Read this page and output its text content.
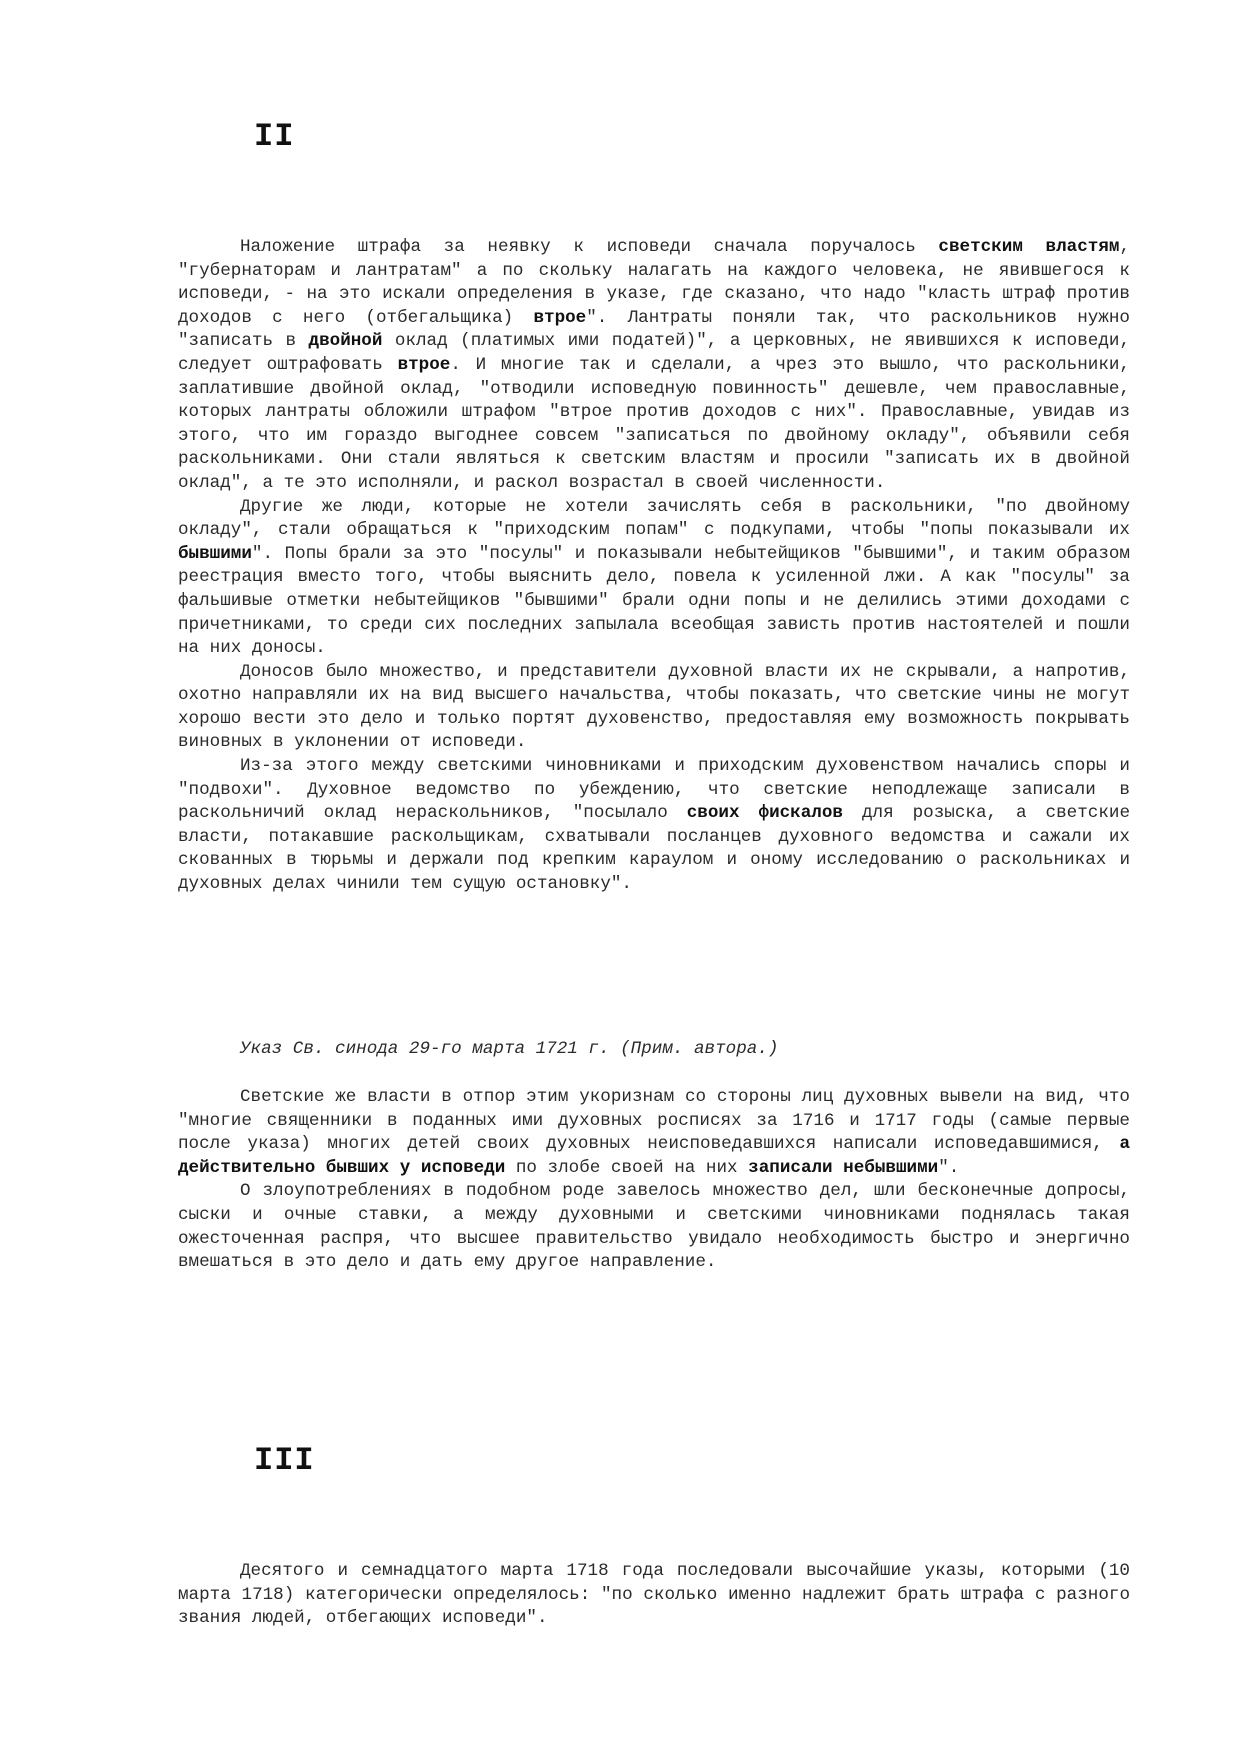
II

Наложение штрафа за неявку к исповеди сначала поручалось светским властям, "губернаторам и лантратам" а по скольку налагать на каждого человека, не явившегося к исповеди, - на это искали определения в указе, где сказано, что надо "класть штраф против доходов с него (отбегальщика) втрое". Лантраты поняли так, что раскольников нужно "записать в двойной оклад (платимых ими податей)", а церковных, не явившихся к исповеди, следует оштрафовать втрое. И многие так и сделали, а чрез это вышло, что раскольники, заплатившие двойной оклад, "отводили исповедную повинность" дешевле, чем православные, которых лантраты обложили штрафом "втрое против доходов с них". Православные, увидав из этого, что им гораздо выгоднее совсем "записаться по двойному окладу", объявили себя раскольниками. Они стали являться к светским властям и просили "записать их в двойной оклад", а те это исполняли, и раскол возрастал в своей численности.

Другие же люди, которые не хотели зачислять себя в раскольники, "по двойному окладу", стали обращаться к "приходским попам" с подкупами, чтобы "попы показывали их бывшими". Попы брали за это "посулы" и показывали небытейщиков "бывшими", и таким образом реестрация вместо того, чтобы выяснить дело, повела к усиленной лжи. А как "посулы" за фальшивые отметки небытейщиков "бывшими" брали одни попы и не делились этими доходами с причетниками, то среди сих последних запылала всеобщая зависть против настоятелей и пошли на них доносы.

Доносов было множество, и представители духовной власти их не скрывали, а напротив, охотно направляли их на вид высшего начальства, чтобы показать, что светские чины не могут хорошо вести это дело и только портят духовенство, предоставляя ему возможность покрывать виновных в уклонении от исповеди.

Из-за этого между светскими чиновниками и приходским духовенством начались споры и "подвохи". Духовное ведомство по убеждению, что светские неподлежаще записали в раскольничий оклад нераскольников, "посылало своих фискалов для розыска, а светские власти, потакавшие раскольщикам, схватывали посланцев духовного ведомства и сажали их скованных в тюрьмы и держали под крепким караулом и оному исследованию о раскольниках и духовных делах чинили тем сущую остановку".

Указ Св. синода 29-го марта 1721 г. (Прим. автора.)

Светские же власти в отпор этим укоризнам со стороны лиц духовных вывели на вид, что "многие священники в поданных ими духовных росписях за 1716 и 1717 годы (самые первые после указа) многих детей своих духовных неисповедавшихся написали исповедавшимися, а действительно бывших у исповеди по злобе своей на них записали небывшими".

О злоупотреблениях в подобном роде завелось множество дел, шли бесконечные допросы, сыски и очные ставки, а между духовными и светскими чиновниками поднялась такая ожесточенная распря, что высшее правительство увидало необходимость быстро и энергично вмешаться в это дело и дать ему другое направление.

III

Десятого и семнадцатого марта 1718 года последовали высочайшие указы, которыми (10 марта 1718) категорически определялось: "по сколько именно надлежит брать штрафа с разного звания людей, отбегающих исповеди".
